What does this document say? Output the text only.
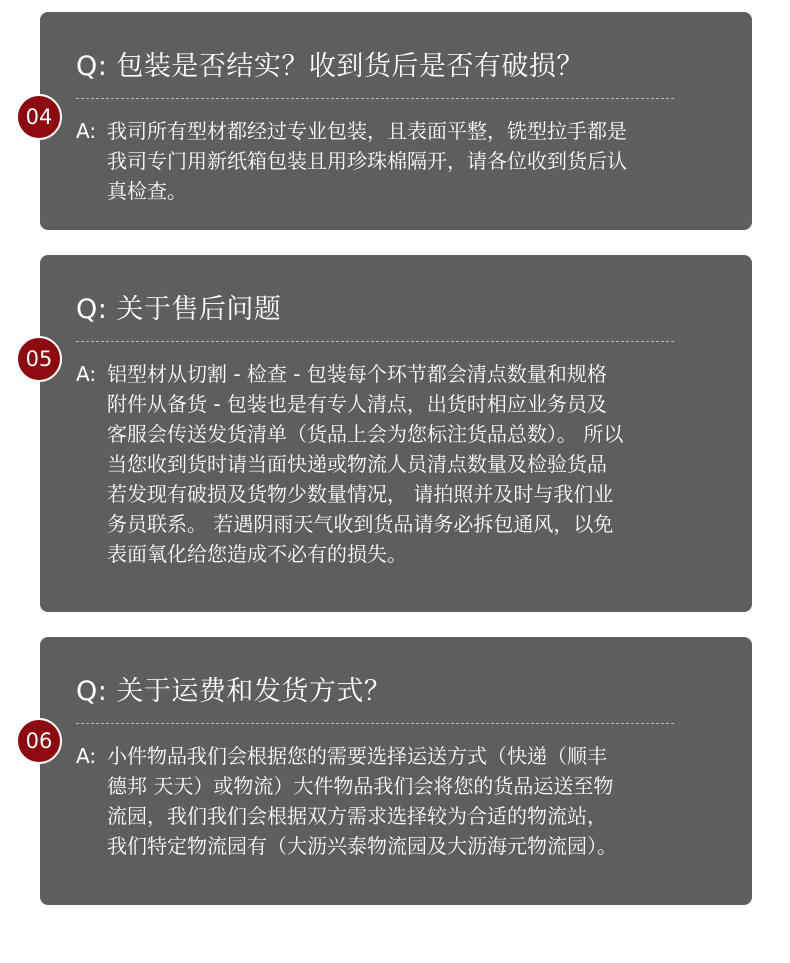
Q: 包装是否结实？收到货后是否有破损？
A: 我司所有型材都经过专业包装，且表面平整，铣型拉手都是
我司专门用新纸箱包装且用珍珠棉隔开，请各位收到货后认
真检查。
04
Q: 关于售后问题
A: 铝型材从切割 - 检查 - 包装每个环节都会清点数量和规格
附件从备货 - 包装也是有专人清点，出货时相应业务员及
客服会传送发货清单（货品上会为您标注货品总数）。 所以
当您收到货时请当面快递或物流人员清点数量及检验货品
若发现有破损及货物少数量情况， 请拍照并及时与我们业
务员联系。 若遇阴雨天气收到货品请务必拆包通风，以免
表面氧化给您造成不必有的损失。
05
Q: 关于运费和发货方式？
A: 小件物品我们会根据您的需要选择运送方式（快递（顺丰
德邦 天天）或物流）大件物品我们会将您的货品运送至物
流园，我们我们会根据双方需求选择较为合适的物流站，
我们特定物流园有（大沥兴泰物流园及大沥海元物流园）。
06
